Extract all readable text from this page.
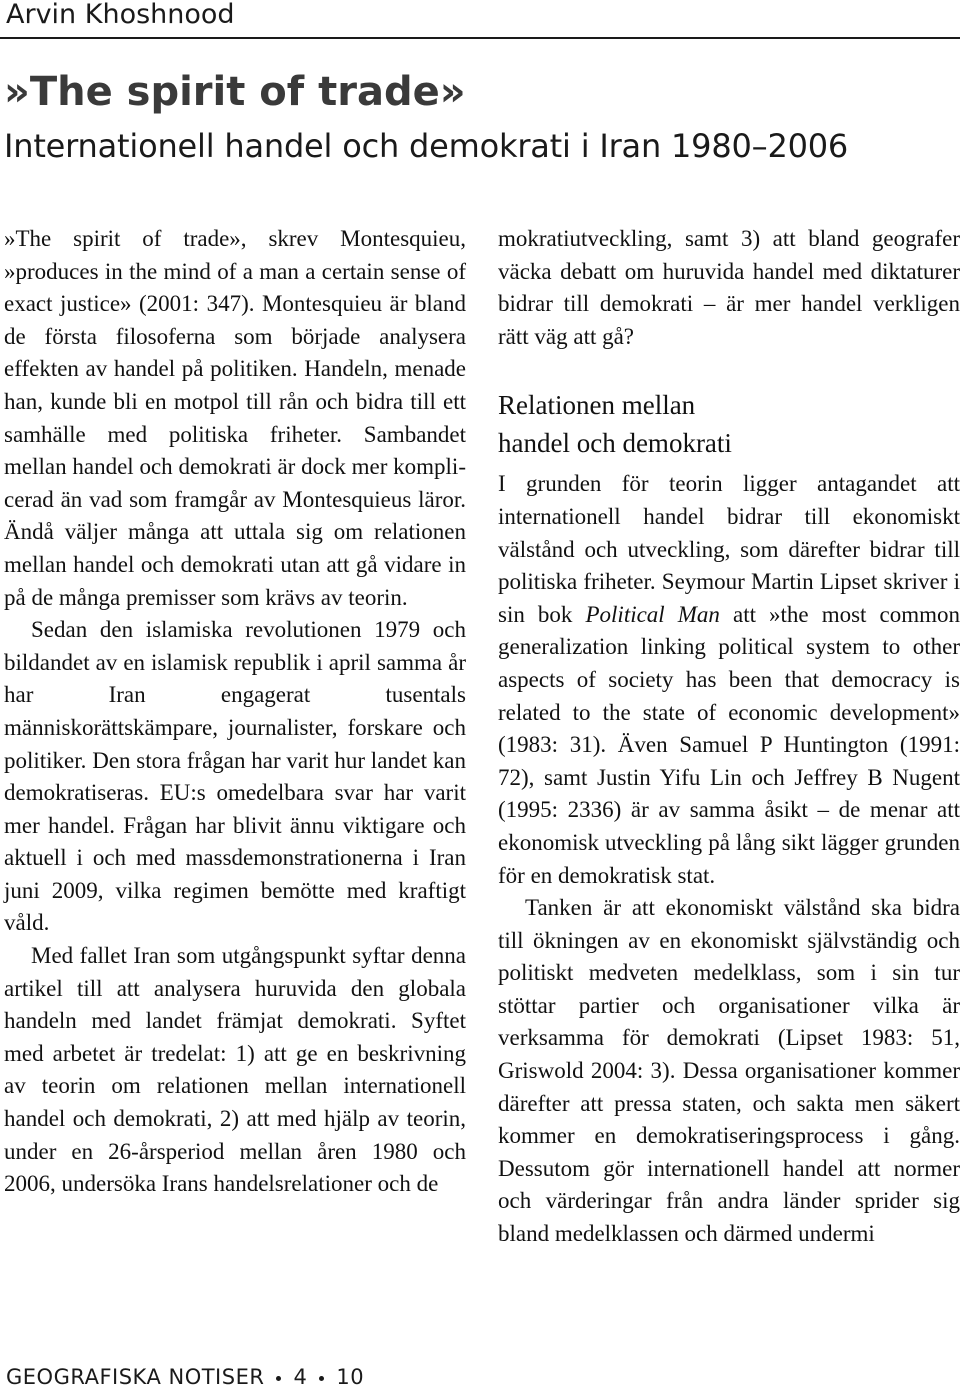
Arvin Khoshnood
»The spirit of trade»
Internationell handel och demokrati i Iran 1980–2006

»The spirit of trade», skrev Montesquieu, »produces in the mind of a man a certain sense of exact justice» (2001: 347). Montesquieu är bland de första filosoferna som började analysera effekten av handel på politiken. Handeln, menade han, kunde bli en motpol till rån och bidra till ett samhälle med politiska friheter. Sambandet mellan handel och demokrati är dock mer komplicerad än vad som framgår av Montesquieus läror. Ändå väljer många att uttala sig om relationen mellan handel och demokrati utan att gå vidare in på de många premisser som krävs av teorin.

Sedan den islamiska revolutionen 1979 och bildandet av en islamisk republik i april samma år har Iran engagerat tusentals människorättskämpare, journalister, forskare och politiker. Den stora frågan har varit hur landet kan demokratiseras. EU:s omedelbara svar har varit mer handel. Frågan har blivit ännu viktigare och aktuell i och med massdemonstrationerna i Iran juni 2009, vilka regimen bemötte med kraftigt våld.

Med fallet Iran som utgångspunkt syftar denna artikel till att analysera huruvida den globala handeln med landet främjat demokrati. Syftet med arbetet är tredelat: 1) att ge en beskrivning av teorin om relationen mellan internationell handel och demokrati, 2) att med hjälp av teorin, under en 26-årsperiod mellan åren 1980 och 2006, undersöka Irans handelsrelationer och de

mokratiutveckling, samt 3) att bland geografer väcka debatt om huruvida handel med diktaturer bidrar till demokrati – är mer handel verkligen rätt väg att gå?

Relationen mellan
handel och demokrati

I grunden för teorin ligger antagandet att internationell handel bidrar till ekonomiskt välstånd och utveckling, som därefter bidrar till politiska friheter. Seymour Martin Lipset skriver i sin bok Political Man att »the most common generalization linking political system to other aspects of society has been that democracy is related to the state of economic development» (1983: 31). Även Samuel P Huntington (1991: 72), samt Justin Yifu Lin och Jeffrey B Nugent (1995: 2336) är av samma åsikt – de menar att ekonomisk utveckling på lång sikt lägger grunden för en demokratisk stat.

Tanken är att ekonomiskt välstånd ska bidra till ökningen av en ekonomiskt självständig och politiskt medveten medelklass, som i sin tur stöttar partier och organisationer vilka är verksamma för demokrati (Lipset 1983: 51, Griswold 2004: 3). Dessa organisationer kommer därefter att pressa staten, och sakta men säkert kommer en demokratiseringsprocess i gång. Dessutom gör internationell handel att normer och värderingar från andra länder sprider sig bland medelklassen och därmed undermi

GEOGRAFISKA NOTISER 4 10
